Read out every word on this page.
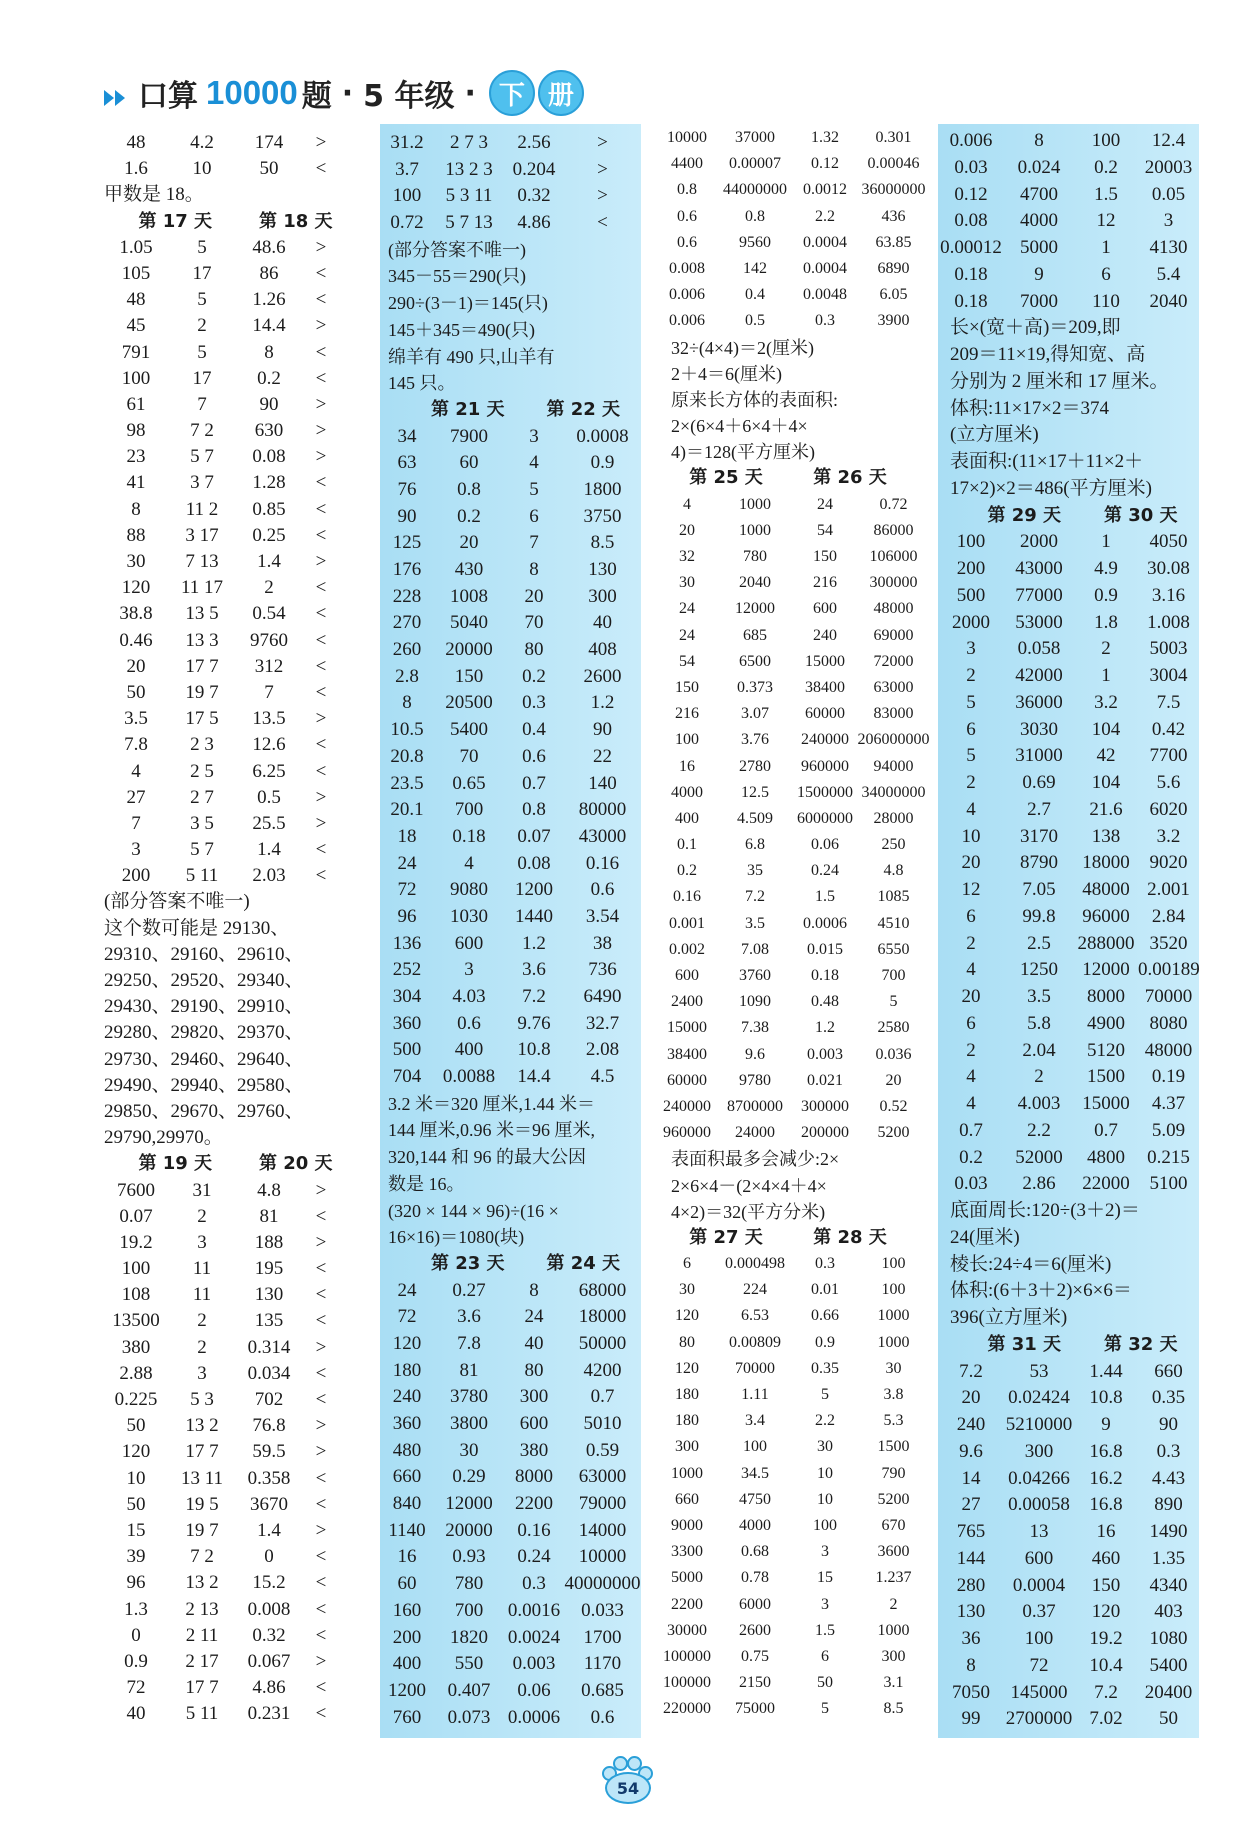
口算 10000 题 · 5 年级 · 下 册
48	4.2	174	>
1.6	10	50	<
甲数是 18。
第 17 天	第 18 天
1.05	5	48.6	>
105	17	86	<
48	5	1.26	<
45	2	14.4	>
791	5	8	<
100	17	0.2	<
61	7	90	>
98	7 2	630	>
23	5 7	0.08	>
41	3 7	1.28	<
8	11 2	0.85	<
88	3 17	0.25	<
30	7 13	1.4	>
120	11 17	2	<
38.8	13 5	0.54	<
0.46	13 3	9760	<
20	17 7	312	<
50	19 7	7	<
3.5	17 5	13.5	>
7.8	2 3	12.6	<
4	2 5	6.25	<
27	2 7	0.5	>
7	3 5	25.5	>
3	5 7	1.4	<
200	5 11	2.03	<
(部分答案不唯一)
这个数可能是 29130、
29310、29160、29610、
29250、29520、29340、
29430、29190、29910、
29280、29820、29370、
29730、29460、29640、
29490、29940、29580、
29850、29670、29760、
29790,29970。
第 19 天	第 20 天
7600	31	4.8	>
0.07	2	81	<
19.2	3	188	>
100	11	195	<
108	11	130	<
13500	2	135	<
380	2	0.314	>
2.88	3	0.034	<
0.225	5 3	702	<
50	13 2	76.8	>
120	17 7	59.5	>
10	13 11	0.358	<
50	19 5	3670	<
15	19 7	1.4	>
39	7 2	0	<
96	13 2	15.2	<
1.3	2 13	0.008	<
0	2 11	0.32	<
0.9	2 17	0.067	>
72	17 7	4.86	<
40	5 11	0.231	<
31.2	2 7 3	2.56	>
3.7	13 2 3	0.204	>
100	5 3 11	0.32	>
0.72	5 7 13	4.86	<
(部分答案不唯一)
345－55＝290(只)
290÷(3－1)＝145(只)
145＋345＝490(只)
绵羊有 490 只,山羊有
145 只。
第 21 天	第 22 天
34	7900	3	0.0008
63	60	4	0.9
76	0.8	5	1800
90	0.2	6	3750
125	20	7	8.5
176	430	8	130
228	1008	20	300
270	5040	70	40
260	20000	80	408
2.8	150	0.2	2600
8	20500	0.3	1.2
10.5	5400	0.4	90
20.8	70	0.6	22
23.5	0.65	0.7	140
20.1	700	0.8	80000
18	0.18	0.07	43000
24	4	0.08	0.16
72	9080	1200	0.6
96	1030	1440	3.54
136	600	1.2	38
252	3	3.6	736
304	4.03	7.2	6490
360	0.6	9.76	32.7
500	400	10.8	2.08
704	0.0088	14.4	4.5
3.2 米＝320 厘米,1.44 米＝
144 厘米,0.96 米＝96 厘米,
320,144 和 96 的最大公因
数是 16。
(320 × 144 × 96)÷(16 ×
16×16)＝1080(块)
第 23 天	第 24 天
24	0.27	8	68000
72	3.6	24	18000
120	7.8	40	50000
180	81	80	4200
240	3780	300	0.7
360	3800	600	5010
480	30	380	0.59
660	0.29	8000	63000
840	12000	2200	79000
1140	20000	0.16	14000
16	0.93	0.24	10000
60	780	0.3 40000000
160	700	0.0016	0.033
200	1820	0.0024	1700
400	550	0.003	1170
1200	0.407	0.06	0.685
760	0.073 0.0006	0.6
10000	37000	1.32	0.301
4400	0.00007	0.12	0.00046
0.8	44000000	0.0012 36000000
0.6	0.8	2.2	436
0.6	9560	0.0004	63.85
0.008	142	0.0004	6890
0.006	0.4	0.0048	6.05
0.006	0.5	0.3	3900
32÷(4×4)＝2(厘米)
2＋4＝6(厘米)
原来长方体的表面积:
2×(6×4＋6×4＋4×
4)＝128(平方厘米)
第 25 天	第 26 天
4	1000	24	0.72
20	1000	54	86000
32	780	150	106000
30	2040	216	300000
24	12000	600	48000
24	685	240	69000
54	6500	15000	72000
150	0.373	38400	63000
216	3.07	60000	83000
100	3.76	240000 206000000
16	2780	960000	94000
4000	12.5	1500000 34000000
400	4.509	6000000	28000
0.1	6.8	0.06	250
0.2	35	0.24	4.8
0.16	7.2	1.5	1085
0.001	3.5	0.0006	4510
0.002	7.08	0.015	6550
600	3760	0.18	700
2400	1090	0.48	5
15000	7.38	1.2	2580
38400	9.6	0.003	0.036
60000	9780	0.021	20
240000	8700000	300000	0.52
960000	24000	200000	5200
表面积最多会减少:2×
2×6×4－(2×4×4＋4×
4×2)＝32(平方分米)
第 27 天	第 28 天
6	0.000498	0.3	100
30	224	0.01	100
120	6.53	0.66	1000
80	0.00809	0.9	1000
120	70000	0.35	30
180	1.11	5	3.8
180	3.4	2.2	5.3
300	100	30	1500
1000	34.5	10	790
660	4750	10	5200
9000	4000	100	670
3300	0.68	3	3600
5000	0.78	15	1.237
2200	6000	3	2
30000	2600	1.5	1000
100000	0.75	6	300
100000	2150	50	3.1
220000	75000	5	8.5
0.006	8	100	12.4
0.03	0.024	0.2	20003
0.12	4700	1.5	0.05
0.08	4000	12	3
0.00012 5000	1	4130
0.18	9	6	5.4
0.18	7000	110	2040
长×(宽＋高)＝209,即
209＝11×19,得知宽、高
分别为 2 厘米和 17 厘米。
体积:11×17×2＝374
(立方厘米)
表面积:(11×17＋11×2＋
17×2)×2＝486(平方厘米)
第 29 天	第 30 天
100	2000	1	4050
200	43000	4.9	30.08
500	77000	0.9	3.16
2000	53000	1.8	1.008
3	0.058	2	5003
2	42000	1	3004
5	36000	3.2	7.5
6	3030	104	0.42
5	31000	42	7700
2	0.69	104	5.6
4	2.7	21.6	6020
10	3170	138	3.2
20	8790	18000	9020
12	7.05	48000 2.001
6	99.8	96000	2.84
2	2.5	288000 3520
4	1250	12000 0.00189
20	3.5	8000	70000
6	5.8	4900	8080
2	2.04	5120	48000
4	2	1500	0.19
4	4.003	15000	4.37
0.7	2.2	0.7	5.09
0.2	52000	4800	0.215
0.03	2.86	22000	5100
底面周长:120÷(3＋2)＝
24(厘米)
棱长:24÷4＝6(厘米)
体积:(6＋3＋2)×6×6＝
396(立方厘米)
第 31 天	第 32 天
7.2	53	1.44	660
20	0.02424	10.8	0.35
240	5210000	9	90
9.6	300	16.8	0.3
14	0.04266	16.2	4.43
27	0.00058	16.8	890
765	13	16	1490
144	600	460	1.35
280	0.0004	150	4340
130	0.37	120	403
36	100	19.2	1080
8	72	10.4	5400
7050	145000	7.2	20400
99	2700000 7.02	50
54
